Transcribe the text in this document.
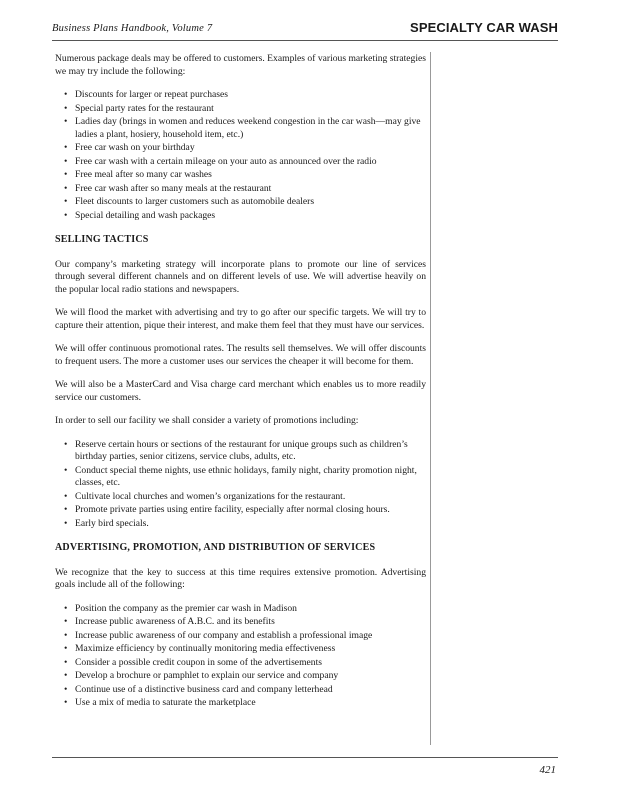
Business Plans Handbook, Volume 7	SPECIALTY CAR WASH

Numerous package deals may be offered to customers. Examples of various marketing strategies we may try include the following:

• Discounts for larger or repeat purchases
• Special party rates for the restaurant
• Ladies day (brings in women and reduces weekend congestion in the car wash—may give ladies a plant, hosiery, household item, etc.)
• Free car wash on your birthday
• Free car wash with a certain mileage on your auto as announced over the radio
• Free meal after so many car washes
• Free car wash after so many meals at the restaurant
• Fleet discounts to larger customers such as automobile dealers
• Special detailing and wash packages
SELLING TACTICS

Our company’s marketing strategy will incorporate plans to promote our line of services through several different channels and on different levels of use. We will advertise heavily on the popular local radio stations and newspapers.

We will flood the market with advertising and try to go after our specific targets. We will try to capture their attention, pique their interest, and make them feel that they must have our services.

We will offer continuous promotional rates. The results sell themselves. We will offer discounts to frequent users. The more a customer uses our services the cheaper it will become for them.

We will also be a MasterCard and Visa charge card merchant which enables us to more readily service our customers.

In order to sell our facility we shall consider a variety of promotions including:

• Reserve certain hours or sections of the restaurant for unique groups such as children’s birthday parties, senior citizens, service clubs, adults, etc.
• Conduct special theme nights, use ethnic holidays, family night, charity promotion night, classes, etc.
• Cultivate local churches and women’s organizations for the restaurant.
• Promote private parties using entire facility, especially after normal closing hours.
• Early bird specials.
ADVERTISING, PROMOTION, AND DISTRIBUTION OF SERVICES

We recognize that the key to success at this time requires extensive promotion. Advertising goals include all of the following:

• Position the company as the premier car wash in Madison
• Increase public awareness of A.B.C. and its benefits
• Increase public awareness of our company and establish a professional image
• Maximize efficiency by continually monitoring media effectiveness
• Consider a possible credit coupon in some of the advertisements
• Develop a brochure or pamphlet to explain our service and company
• Continue use of a distinctive business card and company letterhead
• Use a mix of media to saturate the marketplace
421
